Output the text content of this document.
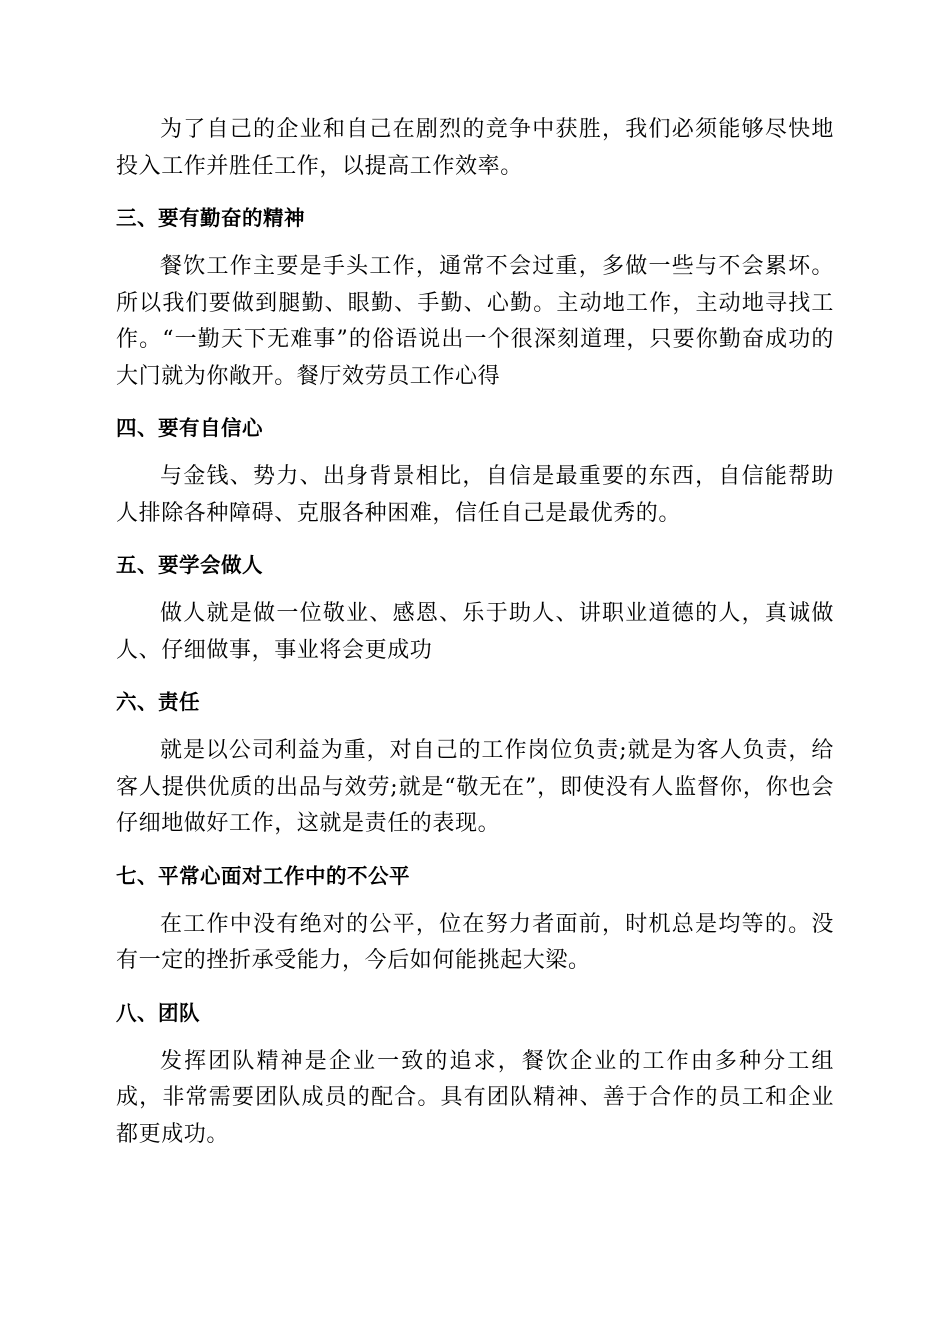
为了自己的企业和自己在剧烈的竞争中获胜，我们必须能够尽快地投入工作并胜任工作，以提高工作效率。

三、要有勤奋的精神

餐饮工作主要是手头工作，通常不会过重，多做一些与不会累坏。所以我们要做到腿勤、眼勤、手勤、心勤。主动地工作，主动地寻找工作。“一勤天下无难事”的俗语说出一个很深刻道理，只要你勤奋成功的大门就为你敞开。餐厅效劳员工作心得

四、要有自信心

与金钱、势力、出身背景相比，自信是最重要的东西，自信能帮助人排除各种障碍、克服各种困难，信任自己是最优秀的。

五、要学会做人

做人就是做一位敬业、感恩、乐于助人、讲职业道德的人，真诚做人、仔细做事，事业将会更成功

六、责任

就是以公司利益为重，对自己的工作岗位负责;就是为客人负责，给客人提供优质的出品与效劳;就是“敬无在”，即使没有人监督你，你也会仔细地做好工作，这就是责任的表现。

七、平常心面对工作中的不公平

在工作中没有绝对的公平，位在努力者面前，时机总是均等的。没有一定的挫折承受能力，今后如何能挑起大梁。

八、团队

发挥团队精神是企业一致的追求，餐饮企业的工作由多种分工组成，非常需要团队成员的配合。具有团队精神、善于合作的员工和企业都更成功。
